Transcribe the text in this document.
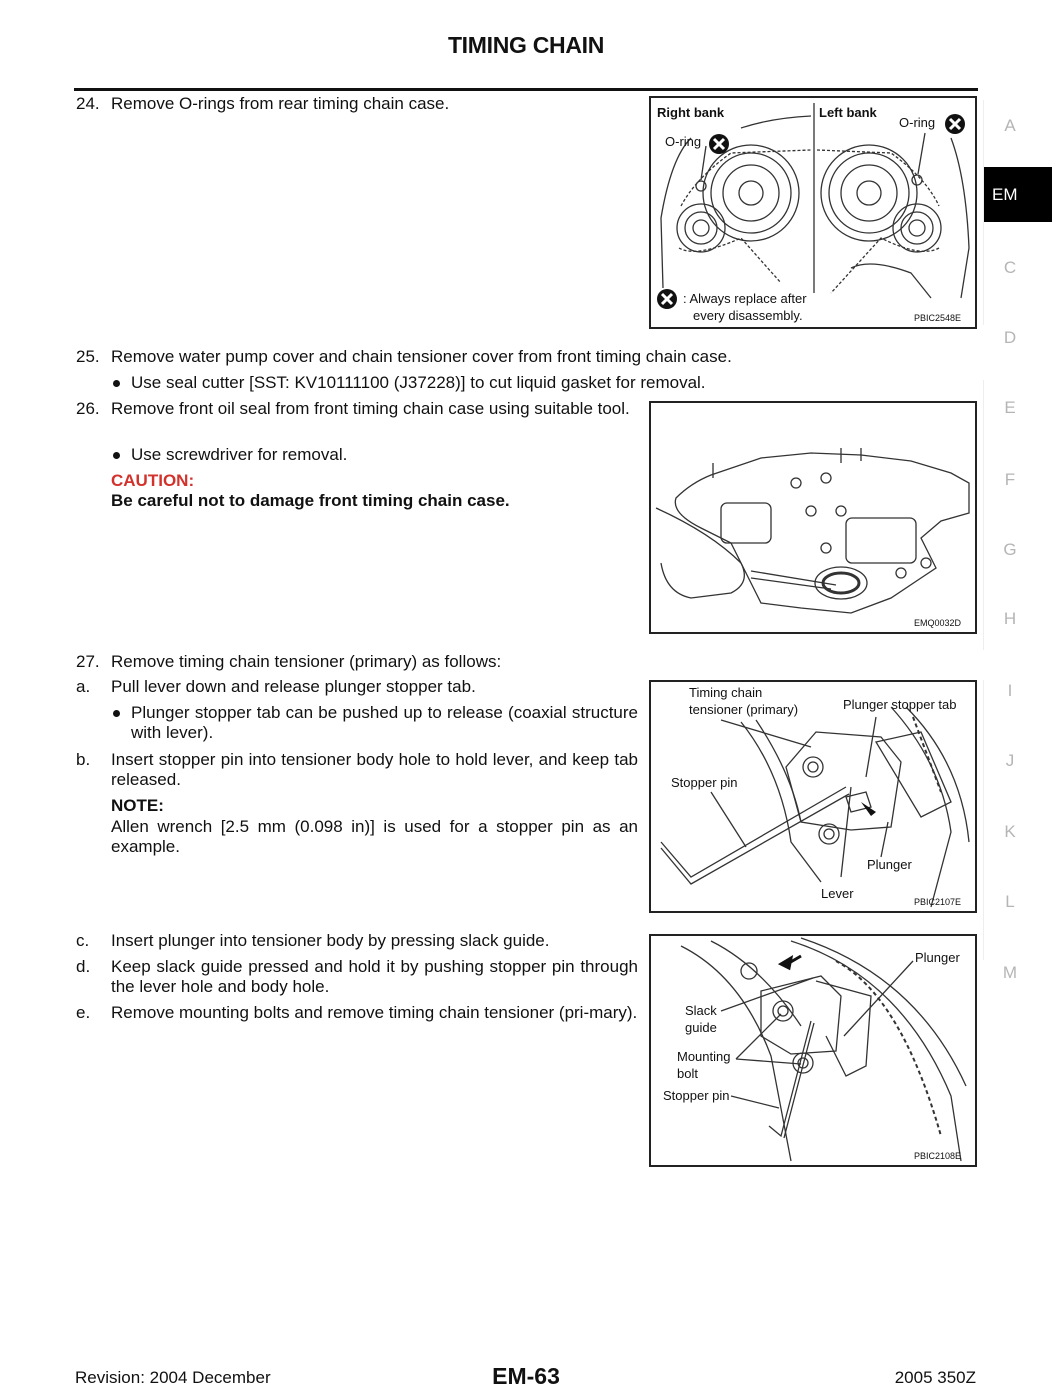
TIMING CHAIN
24. Remove O-rings from rear timing chain case.	Right bank	Left bank
O-ring
O-ring
: Always replace after
every disassembly.	PBIC2548E
25. Remove water pump cover and chain tensioner cover from front timing chain case.
Use seal cutter [SST: KV10111100 (J37228)] to cut liquid gasket for removal.
26. Remove front oil seal from front timing chain case using suitable tool.
Use screwdriver for removal.
CAUTION:
Be careful not to damage front timing chain case.
EMQ0032D
27. Remove timing chain tensioner (primary) as follows:
a. Pull lever down and release plunger stopper tab.
Plunger stopper tab can be pushed up to release (coaxial structure with lever).
b. Insert stopper pin into tensioner body hole to hold lever, and keep tab released.
NOTE:
Allen wrench [2.5 mm (0.098 in)] is used for a stopper pin as an example.
Timing chain
tensioner (primary)	Plunger stopper tab
Stopper pin
Plunger
Lever
PBIC2107E
c. Insert plunger into tensioner body by pressing slack guide.
d. Keep slack guide pressed and hold it by pushing stopper pin through the lever hole and body hole.
e. Remove mounting bolts and remove timing chain tensioner (pri-mary).
Plunger
Slack
guide
Mounting
bolt
Stopper pin
PBIC2108E
A
EM
C
D
E
F
G
H
I
J
K
L
M
Revision: 2004 December	EM-63	2005 350Z
